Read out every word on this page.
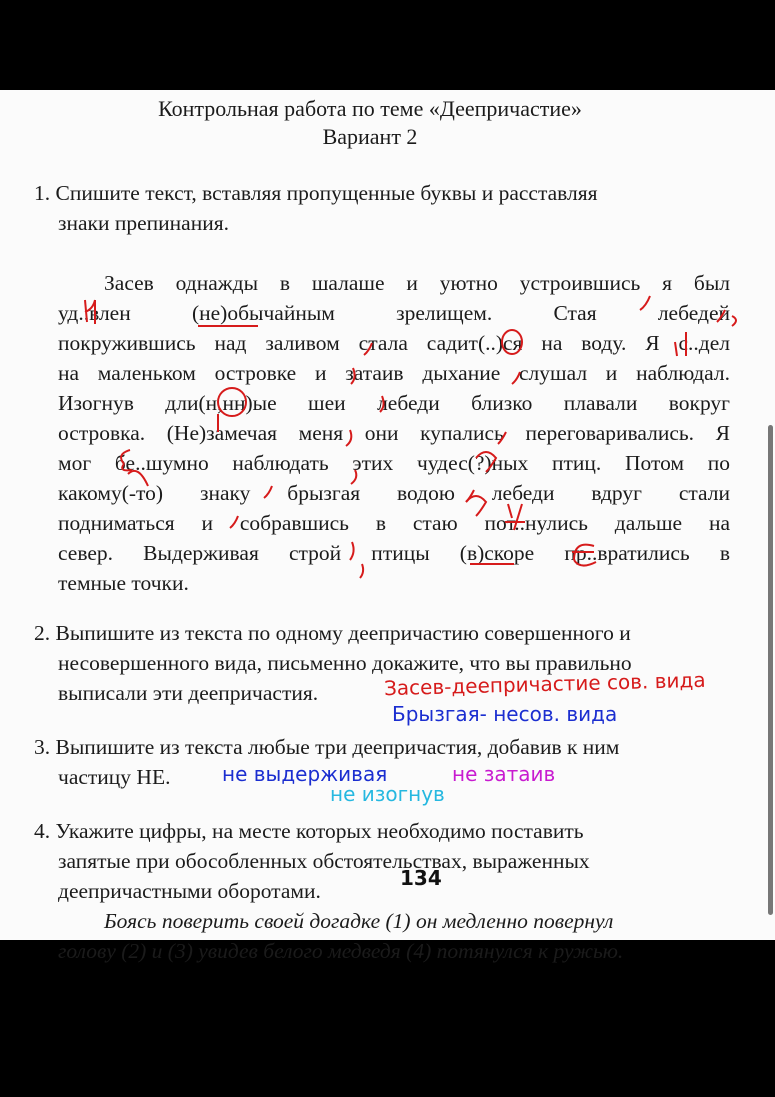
Контрольная работа по теме «Деепричастие»
Вариант 2
1. Спишите текст, вставляя пропущенные буквы и расставляя
знаки препинания.
Засев однажды в шалаше и уютно устроившись я был
уд..влен (не)обычайным зрелищем. Стая лебедей
покружившись над заливом стала садит(..)ся на воду. Я с..дел
на маленьком островке и затаив дыхание слушал и наблюдал.
Изогнув дли(н,нн)ые шеи лебеди близко плавали вокруг
островка. (Не)замечая меня они купались переговаривались. Я
мог бе..шумно наблюдать этих чудес(?)ных птиц. Потом по
какому(-то) знаку брызгая водою лебеди вдруг стали
подниматься и собравшись в стаю пот..нулись дальше на
север. Выдерживая строй птицы (в)скоре пр..вратились в
темные точки.
2. Выпишите из текста по одному деепричастию совершенного и
несовершенного вида, письменно докажите, что вы правильно
выписали эти деепричастия.	Засев-деепричастие сов. вида
Брызгая- несов. вида
3. Выпишите из текста любые три деепричастия, добавив к ним
частицу НЕ.	не выдерживая	не затаив
не изогнув
4. Укажите цифры, на месте которых необходимо поставить
запятые при обособленных обстоятельствах, выраженных
деепричастными оборотами.
134
Боясь поверить своей догадке (1) он медленно повернул
голову (2) и (3) увидев белого медведя (4) потянулся к ружью.
